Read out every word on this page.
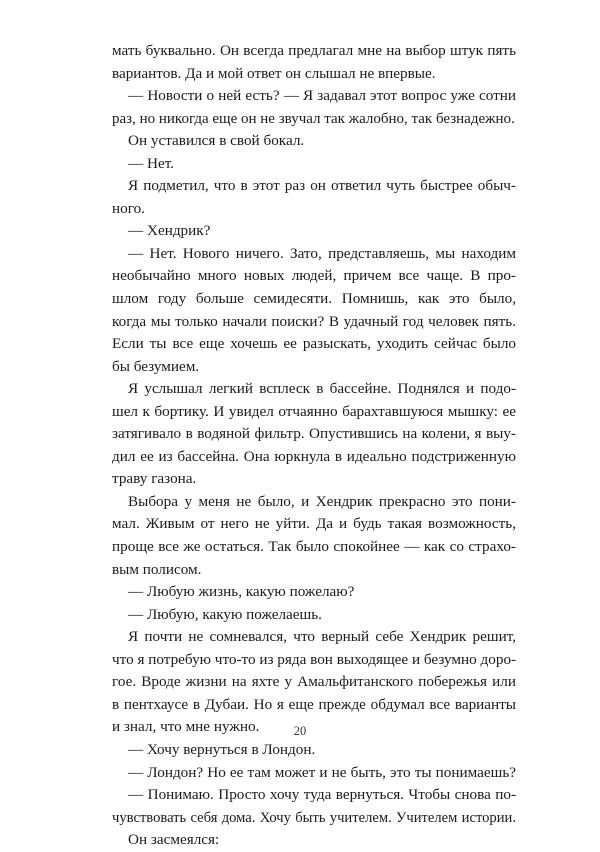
мать буквально. Он всегда предлагал мне на выбор штук пять
вариантов. Да и мой ответ он слышал не впервые.
— Новости о ней есть? — Я задавал этот вопрос уже сотни
раз, но никогда еще он не звучал так жалобно, так безнадежно.
Он уставился в свой бокал.
— Нет.
Я подметил, что в этот раз он ответил чуть быстрее обыч-
ного.
— Хендрик?
— Нет. Нового ничего. Зато, представляешь, мы находим
необычайно много новых людей, причем все чаще. В про-
шлом году больше семидесяти. Помнишь, как это было,
когда мы только начали поиски? В удачный год человек пять.
Если ты все еще хочешь ее разыскать, уходить сейчас было
бы безумием.
Я услышал легкий всплеск в бассейне. Поднялся и подо-
шел к бортику. И увидел отчаянно барахтавшуюся мышку: ее
затягивало в водяной фильтр. Опустившись на колени, я выу-
дил ее из бассейна. Она юркнула в идеально подстриженную
траву газона.
Выбора у меня не было, и Хендрик прекрасно это пони-
мал. Живым от него не уйти. Да и будь такая возможность,
проще все же остаться. Так было спокойнее — как со страхо-
вым полисом.
— Любую жизнь, какую пожелаю?
— Любую, какую пожелаешь.
Я почти не сомневался, что верный себе Хендрик решит,
что я потребую что-то из ряда вон выходящее и безумно доро-
гое. Вроде жизни на яхте у Амальфитанского побережья или
в пентхаусе в Дубаи. Но я еще прежде обдумал все варианты
и знал, что мне нужно.
— Хочу вернуться в Лондон.
— Лондон? Но ее там может и не быть, это ты понимаешь?
— Понимаю. Просто хочу туда вернуться. Чтобы снова по-
чувствовать себя дома. Хочу быть учителем. Учителем истории.
Он засмеялся:
20
